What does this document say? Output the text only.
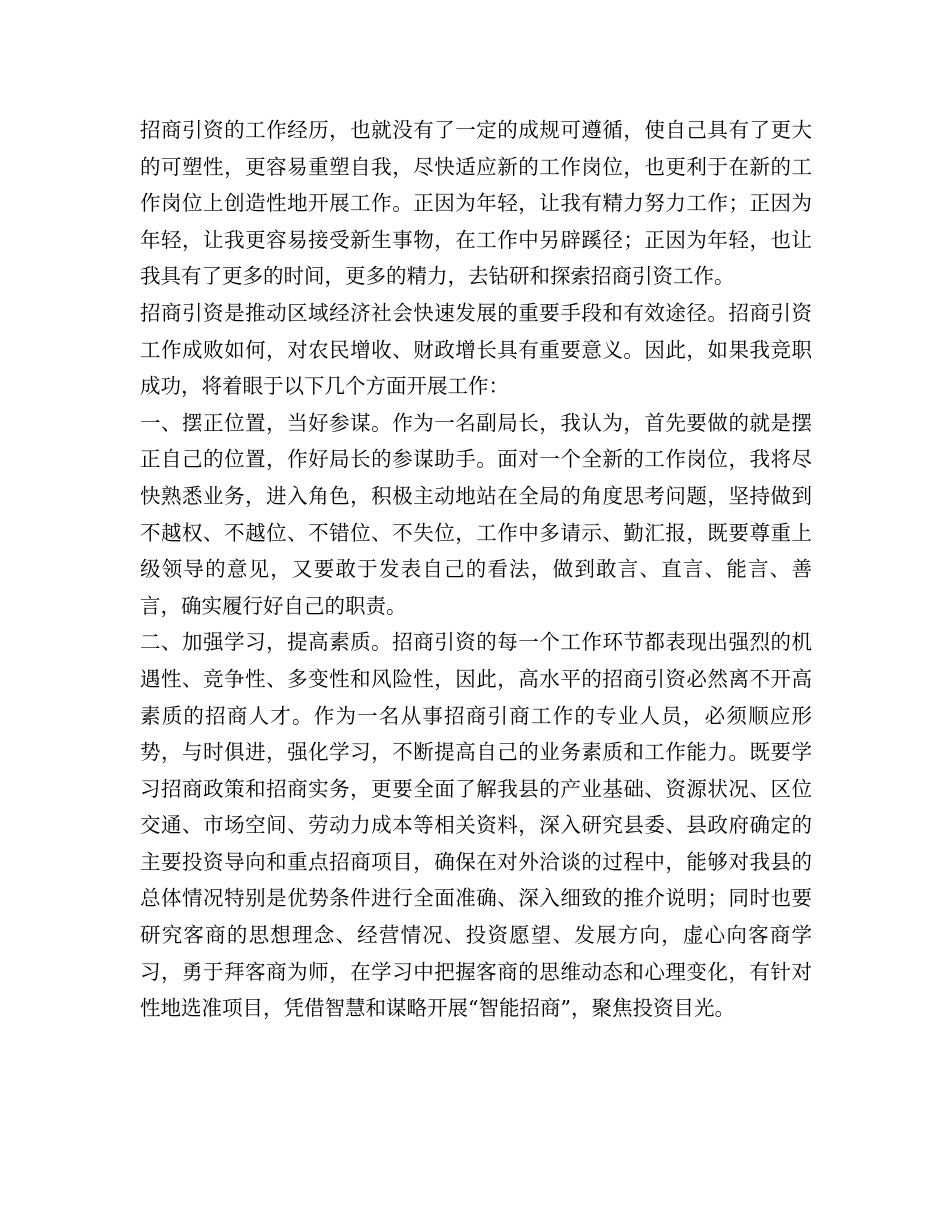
招商引资的工作经历，也就没有了一定的成规可遵循，使自己具有了更大的可塑性，更容易重塑自我，尽快适应新的工作岗位，也更利于在新的工作岗位上创造性地开展工作。正因为年轻，让我有精力努力工作；正因为年轻，让我更容易接受新生事物，在工作中另辟蹊径；正因为年轻，也让我具有了更多的时间，更多的精力，去钻研和探索招商引资工作。

招商引资是推动区域经济社会快速发展的重要手段和有效途径。招商引资工作成败如何，对农民增收、财政增长具有重要意义。因此，如果我竞职成功，将着眼于以下几个方面开展工作：

一、摆正位置，当好参谋。作为一名副局长，我认为，首先要做的就是摆正自己的位置，作好局长的参谋助手。面对一个全新的工作岗位，我将尽快熟悉业务，进入角色，积极主动地站在全局的角度思考问题，坚持做到不越权、不越位、不错位、不失位，工作中多请示、勤汇报，既要尊重上级领导的意见，又要敢于发表自己的看法，做到敢言、直言、能言、善言，确实履行好自己的职责。

二、加强学习，提高素质。招商引资的每一个工作环节都表现出强烈的机遇性、竞争性、多变性和风险性，因此，高水平的招商引资必然离不开高素质的招商人才。作为一名从事招商引商工作的专业人员，必须顺应形势，与时俱进，强化学习，不断提高自己的业务素质和工作能力。既要学习招商政策和招商实务，更要全面了解我县的产业基础、资源状况、区位交通、市场空间、劳动力成本等相关资料，深入研究县委、县政府确定的主要投资导向和重点招商项目，确保在对外洽谈的过程中，能够对我县的总体情况特别是优势条件进行全面准确、深入细致的推介说明；同时也要研究客商的思想理念、经营情况、投资愿望、发展方向，虚心向客商学习，勇于拜客商为师，在学习中把握客商的思维动态和心理变化，有针对性地选准项目，凭借智慧和谋略开展“智能招商”，聚焦投资目光。
